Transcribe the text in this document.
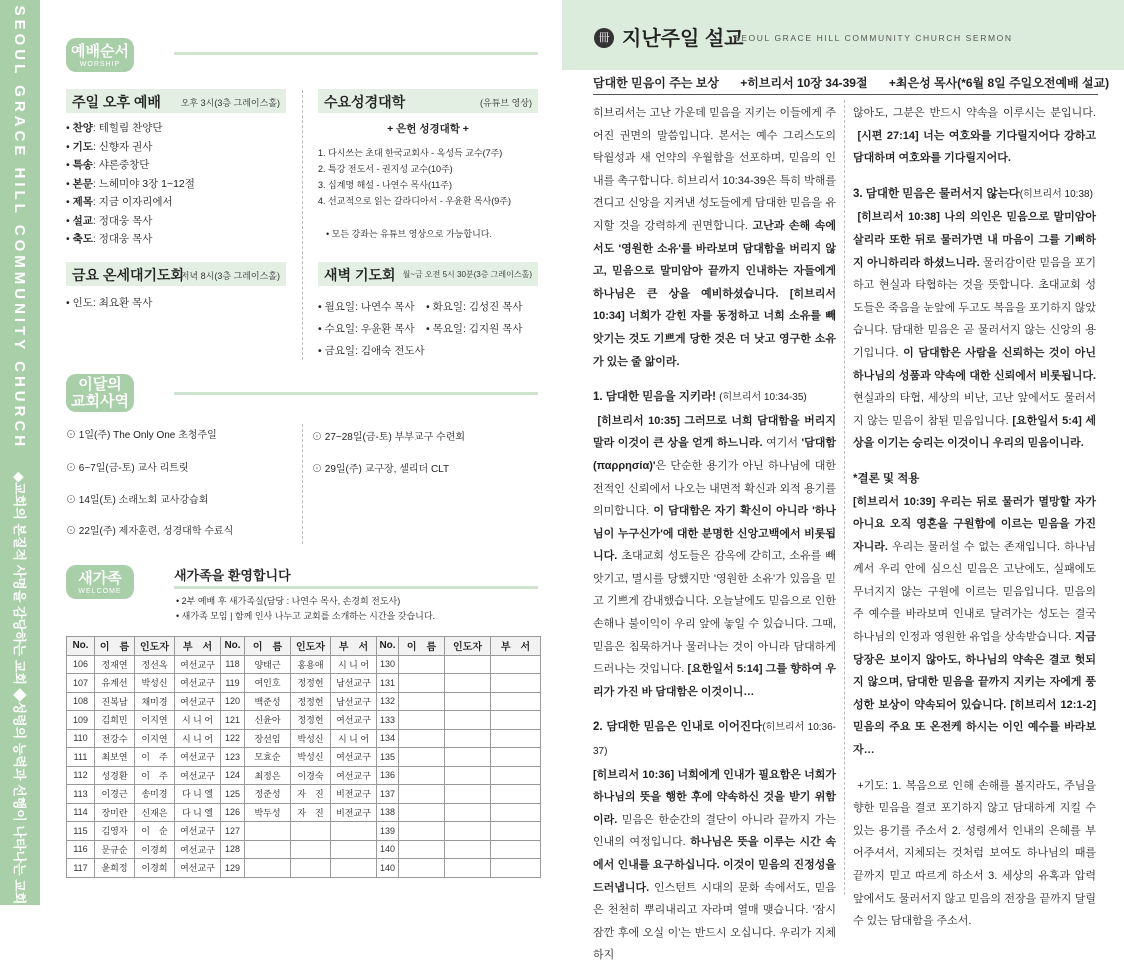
SEOUL GRACE HILL COMMUNITY CHURCH◆교회의 본질적 사명을 감당하는 교회 ◆성령의 능력과 선행이 나타나는 교회
예배순서
WORSHIP
주일 오후 예배 오후 3시(3층 그레이스홀)
• 찬양: 테힐림 찬양단
• 기도: 신향자 권사
• 특송: 샤론중창단
• 본문: 느헤미야 3장 1~12절
• 제목: 지금 이자리에서
• 설교: 정대웅 목사
• 축도: 정대웅 목사
수요성경대학	(유튜브 영상)
+ 은헌 성경대학 +
1. 다시쓰는 초대 한국교회사 - 옥성득 교수(7주)
2. 특강 전도서 - 권지성 교수(10주)
3. 십계명 해설 - 나연수 목사(11주)
4. 선교적으로 읽는 갈라디아서 - 우윤환 목사(9주)
• 모든 강좌는 유튜브 영상으로 가능합니다.
금요 온세대기도회
저녁 8시(3층 그레이스홀)
• 인도: 최요환 목사
새벽 기도회 월~금 오전 5시 30분(3층 그레이스홀)
• 월요일: 나연수 목사	• 화요일: 김성진 목사
• 수요일: 우윤환 목사	• 목요일: 김지원 목사
• 금요일: 김애숙 전도사
이달의
교회사역
⊙ 1일(주) The Only One 초청주일
⊙ 6~7일(금-토) 교사 리트릿
⊙ 14일(토) 소래노회 교사강습회
⊙ 22일(주) 제자훈련, 성경대학 수료식
⊙ 27~28일(금-토) 부부교구 수련회
⊙ 29일(주) 교구장, 셀리더 CLT
새가족
WELCOME
새가족을 환영합니다
• 2부 예배 후 새가족실(담당 : 나연수 목사, 손경희 전도사)
• 새가족 모임 | 함께 인사 나누고 교회를 소개하는 시간을 갖습니다.
No.	이　름	인도자	부　서	No.	이　름	인도자	부　서	No.	이　름	인도자	부　서
106	정재연	정선옥	여선교구	118	양태근	홍용애	시 니 어	130			
107	유계선	박성신	여선교구	119	여인호	정정헌	남선교구	131			
108	진복남	채미경	여선교구	120	백준성	정정헌	남선교구	132			
109	김희민	이지연	시 니 어	121	신윤아	정정헌	여선교구	133			
110	전강수	이지연	시 니 어	122	장선임	박성신	시 니 어	134			
111	최보연	이　주	여선교구	123	모효순	박성신	여선교구	135			
112	성경환	이　주	여선교구	124	최정은	이경숙	여선교구	136			
113	이경근	송미경	다 니 엘	125	정준성	자　진	비전교구	137			
114	장미란	신재은	다 니 엘	126	박두성	자　진	비전교구	138			
115	김영자	이　순	여선교구	127				139			
116	문규순	이경희	여선교구	128				140			
117	윤희정	이경희	여선교구	129				140			
冊 지난주일 설교
SEOUL GRACE HILL COMMUNITY CHURCH SERMON
담대한 믿음이 주는 보상 +히브리서 10장 34-39절 +최은성 목사(*6월 8일 주일오전예배 설교)

히브리서는 고난 가운데 믿음을 지키는 이들에게 주어진 권면의 말씀입니다. 본서는 예수 그리스도의 탁월성과 새 언약의 우월함을 선포하며, 믿음의 인내를 촉구합니다. 히브리서 10:34-39은 특히 박해를 견디고 신앙을 지켜낸 성도들에게 담대한 믿음을 유지할 것을 강력하게 권면합니다. 고난과 손해 속에서도 '영원한 소유'를 바라보며 담대함을 버리지 않고, 믿음으로 말미암아 끝까지 인내하는 자들에게 하나님은 큰 상을 예비하셨습니다. [히브리서 10:34] 너희가 갇힌 자를 동정하고 너희 소유를 빼앗기는 것도 기쁘게 당한 것은 더 낫고 영구한 소유가 있는 줄 앎이라.

1. 담대한 믿음을 지키라! (히브리서 10:34-35)
[히브리서 10:35] 그러므로 너희 담대함을 버리지 말라 이것이 큰 상을 얻게 하느니라. 여기서 '담대함(παρρησία)'은 단순한 용기가 아닌 하나님에 대한 전적인 신뢰에서 나오는 내면적 확신과 외적 용기를 의미합니다. 이 담대함은 자기 확신이 아니라 '하나님이 누구신가'에 대한 분명한 신앙고백에서 비롯됩니다. 초대교회 성도들은 감옥에 갇히고, 소유를 빼앗기고, 멸시를 당했지만 '영원한 소유'가 있음을 믿고 기쁘게 감내했습니다. 오늘날에도 믿음으로 인한 손해나 불이익이 우리 앞에 놓일 수 있습니다. 그때, 믿음은 침묵하거나 물러나는 것이 아니라 담대하게 드러나는 것입니다. [요한일서 5:14] 그를 향하여 우리가 가진 바 담대함은 이것이니…

2. 담대한 믿음은 인내로 이어진다(히브리서 10:36-37)
[히브리서 10:36] 너희에게 인내가 필요함은 너희가 하나님의 뜻을 행한 후에 약속하신 것을 받기 위함이라. 믿음은 한순간의 결단이 아니라 끝까지 가는 인내의 여정입니다. 하나님은 뜻을 이루는 시간 속에서 인내를 요구하십니다. 이것이 믿음의 진정성을 드러냅니다. 인스턴트 시대의 문화 속에서도, 믿음은 천천히 뿌리내리고 자라며 열매 맺습니다. '잠시 잠깐 후에 오실 이'는 반드시 오십니다. 우리가 지체하지

않아도, 그분은 반드시 약속을 이루시는 분입니다.  [시편 27:14] 너는 여호와를 기다릴지어다 강하고 담대하며 여호와를 기다릴지어다.

3. 담대한 믿음은 물러서지 않는다(히브리서 10:38)
[히브리서 10:38] 나의 의인은 믿음으로 말미암아 살리라 또한 뒤로 물러가면 내 마음이 그를 기뻐하지 아니하리라 하셨느니라. 물러감이란 믿음을 포기하고 현실과 타협하는 것을 뜻합니다. 초대교회 성도들은 죽음을 눈앞에 두고도 복음을 포기하지 않았습니다. 담대한 믿음은 곧 물러서지 않는 신앙의 용기입니다. 이 담대함은 사람을 신뢰하는 것이 아닌 하나님의 성품과 약속에 대한 신뢰에서 비롯됩니다. 현실과의 타협, 세상의 비난, 고난 앞에서도 물러서지 않는 믿음이 참된 믿음입니다. [요한일서 5:4] 세상을 이기는 승리는 이것이니 우리의 믿음이니라.

*결론 및 적용
[히브리서 10:39] 우리는 뒤로 물러가 멸망할 자가 아니요 오직 영혼을 구원함에 이르는 믿음을 가진 자니라. 우리는 물러설 수 없는 존재입니다. 하나님께서 우리 안에 심으신 믿음은 고난에도, 실패에도 무너지지 않는 구원에 이르는 믿음입니다. 믿음의 주 예수를 바라보며 인내로 달려가는 성도는 결국 하나님의 인정과 영원한 유업을 상속받습니다. 지금 당장은 보이지 않아도, 하나님의 약속은 결코 헛되지 않으며, 담대한 믿음을 끝까지 지키는 자에게 풍성한 보상이 약속되어 있습니다. [히브리서 12:1-2] 믿음의 주요 또 온전케 하시는 이인 예수를 바라보자…

+기도: 1. 복음으로 인해 손해를 볼지라도, 주님을 향한 믿음을 결코 포기하지 않고 담대하게 지킬 수 있는 용기를 주소서 2. 성령께서 인내의 은혜를 부어주셔서, 지체되는 것처럼 보여도 하나님의 때를 끝까지 믿고 따르게 하소서 3. 세상의 유혹과 압력 앞에서도 물러서지 않고 믿음의 전장을 끝까지 달릴 수 있는 담대함을 주소서.
